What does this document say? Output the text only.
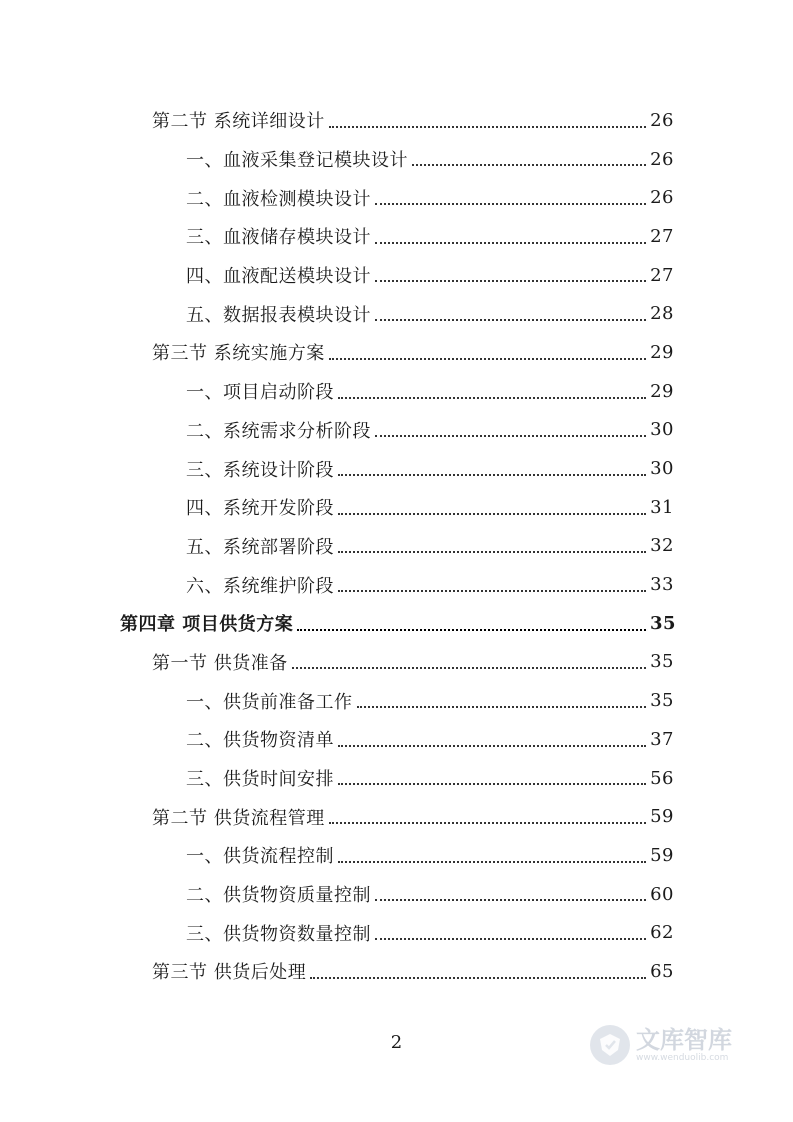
第二节 系统详细设计	26
一、血液采集登记模块设计	26
二、血液检测模块设计	26
三、血液储存模块设计	27
四、血液配送模块设计	27
五、数据报表模块设计	28
第三节 系统实施方案	29
一、项目启动阶段	29
二、系统需求分析阶段	30
三、系统设计阶段	30
四、系统开发阶段	31
五、系统部署阶段	32
六、系统维护阶段	33
第四章 项目供货方案	35
第一节 供货准备	35
一、供货前准备工作	35
二、供货物资清单	37
三、供货时间安排	56
第二节 供货流程管理	59
一、供货流程控制	59
二、供货物资质量控制	60
三、供货物资数量控制	62
第三节 供货后处理	65
2	文库智库
www.wenduolib.com
